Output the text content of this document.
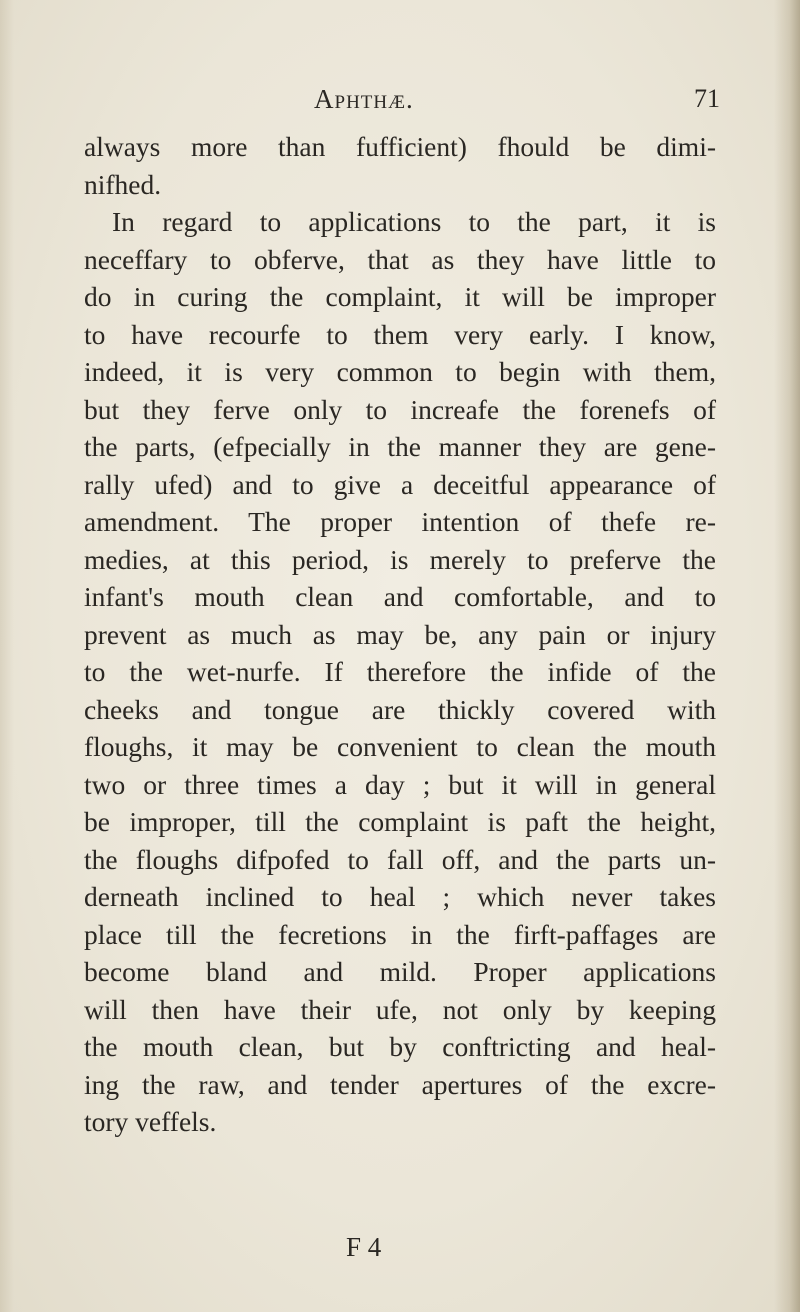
Aphthæ.	71
always more than fufficient) fhould be dimi-
nifhed.
In regard to applications to the part, it is
neceffary to obferve, that as they have little to
do in curing the complaint, it will be improper
to have recourfe to them very early. I know,
indeed, it is very common to begin with them,
but they ferve only to increafe the forenefs of
the parts, (efpecially in the manner they are gene-
rally ufed) and to give a deceitful appearance of
amendment. The proper intention of thefe re-
medies, at this period, is merely to preferve the
infant's mouth clean and comfortable, and to
prevent as much as may be, any pain or injury
to the wet-nurfe. If therefore the infide of the
cheeks and tongue are thickly covered with
floughs, it may be convenient to clean the mouth
two or three times a day ; but it will in general
be improper, till the complaint is paft the height,
the floughs difpofed to fall off, and the parts un-
derneath inclined to heal ; which never takes
place till the fecretions in the firft-paffages are
become bland and mild. Proper applications
will then have their ufe, not only by keeping
the mouth clean, but by conftricting and heal-
ing the raw, and tender apertures of the excre-
tory veffels.
F 4
